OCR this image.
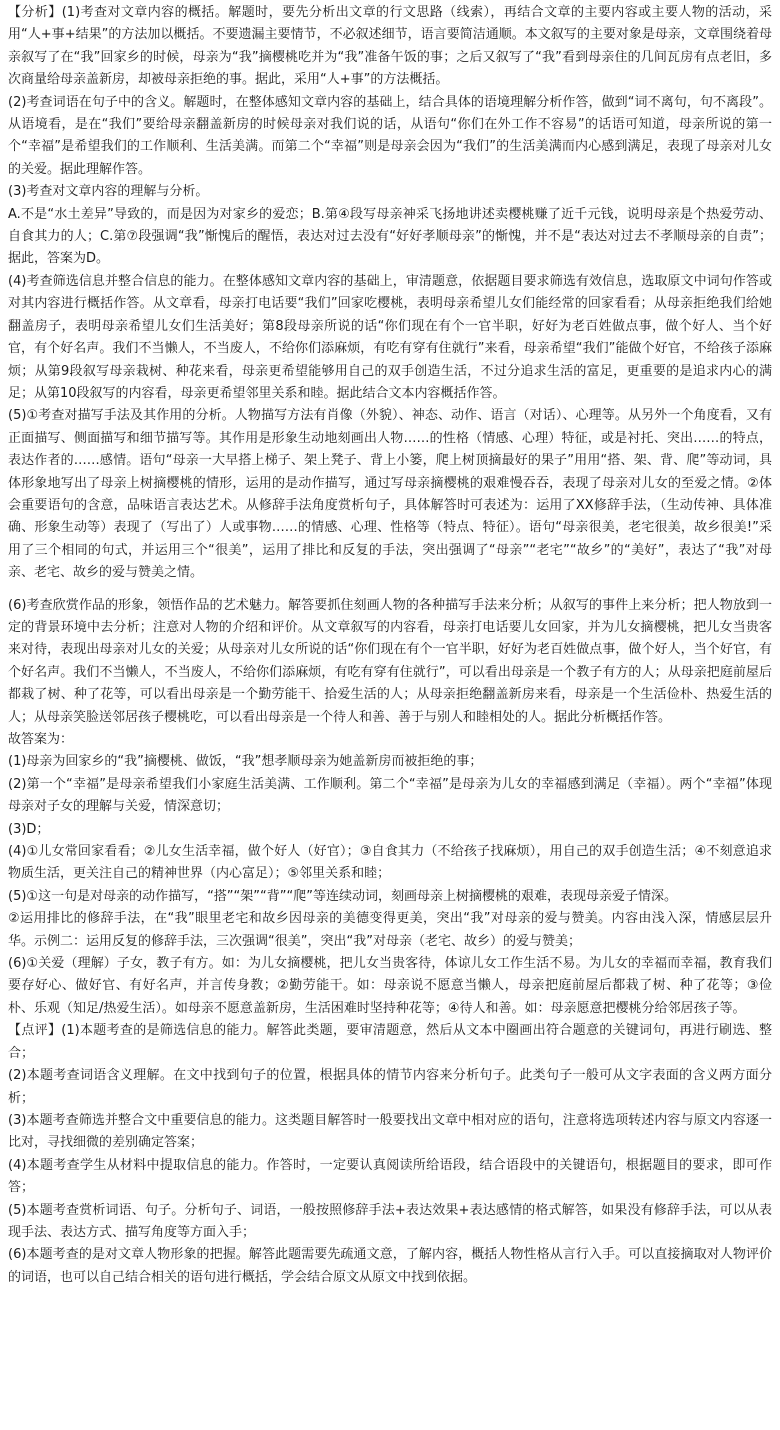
【分析】(1)考查对文章内容的概括。解题时，要先分析出文章的行文思路（线索），再结合文章的主要内容或主要人物的活动，采用“人+事+结果”的方法加以概括。不要遗漏主要情节，不必叙述细节，语言要简洁通顺。本文叙写的主要对象是母亲，文章围绕着母亲叙写了在“我”回家乡的时候，母亲为“我”摘樱桃吃并为“我”准备午饭的事；之后又叙写了“我”看到母亲住的几间瓦房有点老旧，多次商量给母亲盖新房，却被母亲拒绝的事。据此，采用“人+事”的方法概括。

(2)考查词语在句子中的含义。解题时，在整体感知文章内容的基础上，结合具体的语境理解分析作答，做到“词不离句，句不离段”。从语境看，是在“我们”要给母亲翻盖新房的时候母亲对我们说的话，从语句“你们在外工作不容易”的话语可知道，母亲所说的第一个“幸福”是希望我们的工作顺利、生活美满。而第二个“幸福”则是母亲会因为“我们”的生活美满而内心感到满足，表现了母亲对儿女的关爱。据此理解作答。

(3)考查对文章内容的理解与分析。

A.不是“水土差异”导致的，而是因为对家乡的爱恋；B.第④段写母亲神采飞扬地讲述卖樱桃赚了近千元钱，说明母亲是个热爱劳动、自食其力的人；C.第⑦段强调“我”惭愧后的醒悟，表达对过去没有“好好孝顺母亲”的惭愧，并不是“表达对过去不孝顺母亲的自责”；据此，答案为D。

(4)考查筛选信息并整合信息的能力。在整体感知文章内容的基础上，审清题意，依据题目要求筛选有效信息，选取原文中词句作答或对其内容进行概括作答。从文章看，母亲打电话要“我们”回家吃樱桃，表明母亲希望儿女们能经常的回家看看；从母亲拒绝我们给她翻盖房子，表明母亲希望儿女们生活美好；第8段母亲所说的话“你们现在有个一官半职，好好为老百姓做点事，做个好人、当个好官，有个好名声。我们不当懒人，不当废人，不给你们添麻烦，有吃有穿有住就行”来看，母亲希望“我们”能做个好官，不给孩子添麻烦；从第9段叙写母亲栽树、种花来看，母亲更希望能够用自己的双手创造生活，不过分追求生活的富足，更重要的是追求内心的满足；从第10段叙写的内容看，母亲更希望邻里关系和睦。据此结合文本内容概括作答。

(5)①考查对描写手法及其作用的分析。人物描写方法有肖像（外貌）、神态、动作、语言（对话）、心理等。从另外一个角度看，又有正面描写、侧面描写和细节描写等。其作用是形象生动地刻画出人物……的性格（情感、心理）特征，或是衬托、突出……的特点，表达作者的……感情。语句“母亲一大早搭上梯子、架上凳子、背上小篓，爬上树顶摘最好的果子”用用“搭、架、背、爬”等动词，具体形象地写出了母亲上树摘樱桃的情形，运用的是动作描写，通过写母亲摘樱桃的艰难慢吞吞，表现了母亲对儿女的至爱之情。②体会重要语句的含意，品味语言表达艺术。从修辞手法角度赏析句子，具体解答时可表述为：运用了XX修辞手法，（生动传神、具体准确、形象生动等）表现了（写出了）人或事物……的情感、心理、性格等（特点、特征）。语句“母亲很美，老宅很美，故乡很美!”采用了三个相同的句式，并运用三个“很美”，运用了排比和反复的手法，突出强调了“母亲”“老宅”“故乡”的“美好”，表达了“我”对母亲、老宅、故乡的爱与赞美之情。

(6)考查欣赏作品的形象，领悟作品的艺术魅力。解答要抓住刻画人物的各种描写手法来分析；从叙写的事件上来分析；把人物放到一定的背景环境中去分析；注意对人物的介绍和评价。从文章叙写的内容看，母亲打电话要儿女回家，并为儿女摘樱桃，把儿女当贵客来对待，表现出母亲对儿女的关爱；从母亲对儿女所说的话“你们现在有个一官半职，好好为老百姓做点事，做个好人，当个好官，有个好名声。我们不当懒人，不当废人，不给你们添麻烦，有吃有穿有住就行”，可以看出母亲是一个教子有方的人；从母亲把庭前屋后都栽了树、种了花等，可以看出母亲是一个勤劳能干、拾爱生活的人；从母亲拒绝翻盖新房来看，母亲是一个生活俭朴、热爱生活的人；从母亲笑脸送邻居孩子樱桃吃，可以看出母亲是一个待人和善、善于与别人和睦相处的人。据此分析概括作答。

故答案为：

(1)母亲为回家乡的“我”摘樱桃、做饭，“我”想孝顺母亲为她盖新房而被拒绝的事；

(2)第一个“幸福”是母亲希望我们小家庭生活美满、工作顺利。第二个“幸福”是母亲为儿女的幸福感到满足（幸福）。两个“幸福”体现母亲对子女的理解与关爱，情深意切；

(3)D；

(4)①儿女常回家看看；②儿女生活幸福，做个好人（好官）；③自食其力（不给孩子找麻烦），用自己的双手创造生活；④不刻意追求物质生活，更关注自己的精神世界（内心富足）；⑤邻里关系和睦；

(5)①这一句是对母亲的动作描写，“搭”“架”“背”“爬”等连续动词，刻画母亲上树摘樱桃的艰难，表现母亲爱子情深。

②运用排比的修辞手法，在“我”眼里老宅和故乡因母亲的美德变得更美，突出“我”对母亲的爱与赞美。内容由浅入深，情感层层升华。示例二：运用反复的修辞手法，三次强调“很美”，突出“我”对母亲（老宅、故乡）的爱与赞美；

(6)①关爱（理解）子女，教子有方。如：为儿女摘樱桃，把儿女当贵客待，体谅儿女工作生活不易。为儿女的幸福而幸福，教育我们要存好心、做好官、有好名声，并言传身教；②勤劳能干。如：母亲说不愿意当懒人，母亲把庭前屋后都栽了树、种了花等；③俭朴、乐观（知足/热爱生活）。如母亲不愿意盖新房，生活困难时坚持种花等；④待人和善。如：母亲愿意把樱桃分给邻居孩子等。

【点评】(1)本题考查的是筛选信息的能力。解答此类题，要审清题意，然后从文本中圈画出符合题意的关键词句，再进行刷选、整合；

(2)本题考查词语含义理解。在文中找到句子的位置，根据具体的情节内容来分析句子。此类句子一般可从文字表面的含义两方面分析；

(3)本题考查筛选并整合文中重要信息的能力。这类题目解答时一般要找出文章中相对应的语句，注意将选项转述内容与原文内容逐一比对，寻找细微的差别确定答案；

(4)本题考查学生从材料中提取信息的能力。作答时，一定要认真阅读所给语段，结合语段中的关键语句，根据题目的要求，即可作答；

(5)本题考查赏析词语、句子。分析句子、词语，一般按照修辞手法+表达效果+表达感情的格式解答，如果没有修辞手法，可以从表现手法、表达方式、描写角度等方面入手；

(6)本题考查的是对文章人物形象的把握。解答此题需要先疏通文意，了解内容，概括人物性格从言行入手。可以直接摘取对人物评价的词语，也可以自己结合相关的语句进行概括，学会结合原文从原文中找到依据。
